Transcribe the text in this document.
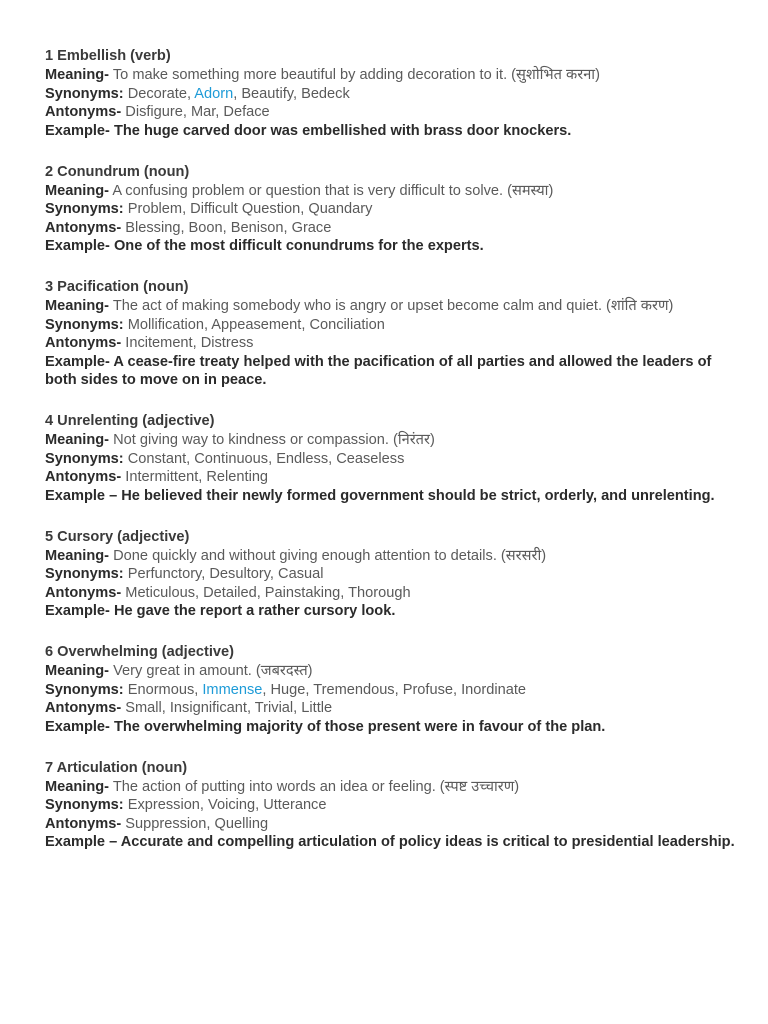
1 Embellish (verb)
Meaning- To make something more beautiful by adding decoration to it. (सुशोभित करना)
Synonyms: Decorate, Adorn, Beautify, Bedeck
Antonyms- Disfigure, Mar, Deface
Example- The huge carved door was embellished with brass door knockers.
2 Conundrum (noun)
Meaning- A confusing problem or question that is very difficult to solve. (समस्या)
Synonyms: Problem, Difficult Question, Quandary
Antonyms- Blessing, Boon, Benison, Grace
Example- One of the most difficult conundrums for the experts.
3 Pacification (noun)
Meaning- The act of making somebody who is angry or upset become calm and quiet. (शांति करण)
Synonyms: Mollification, Appeasement, Conciliation
Antonyms- Incitement, Distress
Example- A cease-fire treaty helped with the pacification of all parties and allowed the leaders of both sides to move on in peace.
4 Unrelenting (adjective)
Meaning- Not giving way to kindness or compassion. (निरंतर)
Synonyms: Constant, Continuous, Endless, Ceaseless
Antonyms- Intermittent, Relenting
Example – He believed their newly formed government should be strict, orderly, and unrelenting.
5 Cursory (adjective)
Meaning- Done quickly and without giving enough attention to details. (सरसरी)
Synonyms: Perfunctory, Desultory, Casual
Antonyms- Meticulous, Detailed, Painstaking, Thorough
Example- He gave the report a rather cursory look.
6 Overwhelming (adjective)
Meaning- Very great in amount. (जबरदस्त)
Synonyms: Enormous, Immense, Huge, Tremendous, Profuse, Inordinate
Antonyms- Small, Insignificant, Trivial, Little
Example- The overwhelming majority of those present were in favour of the plan.
7 Articulation (noun)
Meaning- The action of putting into words an idea or feeling. (स्पष्ट उच्चारण)
Synonyms: Expression, Voicing, Utterance
Antonyms- Suppression, Quelling
Example – Accurate and compelling articulation of policy ideas is critical to presidential leadership.
